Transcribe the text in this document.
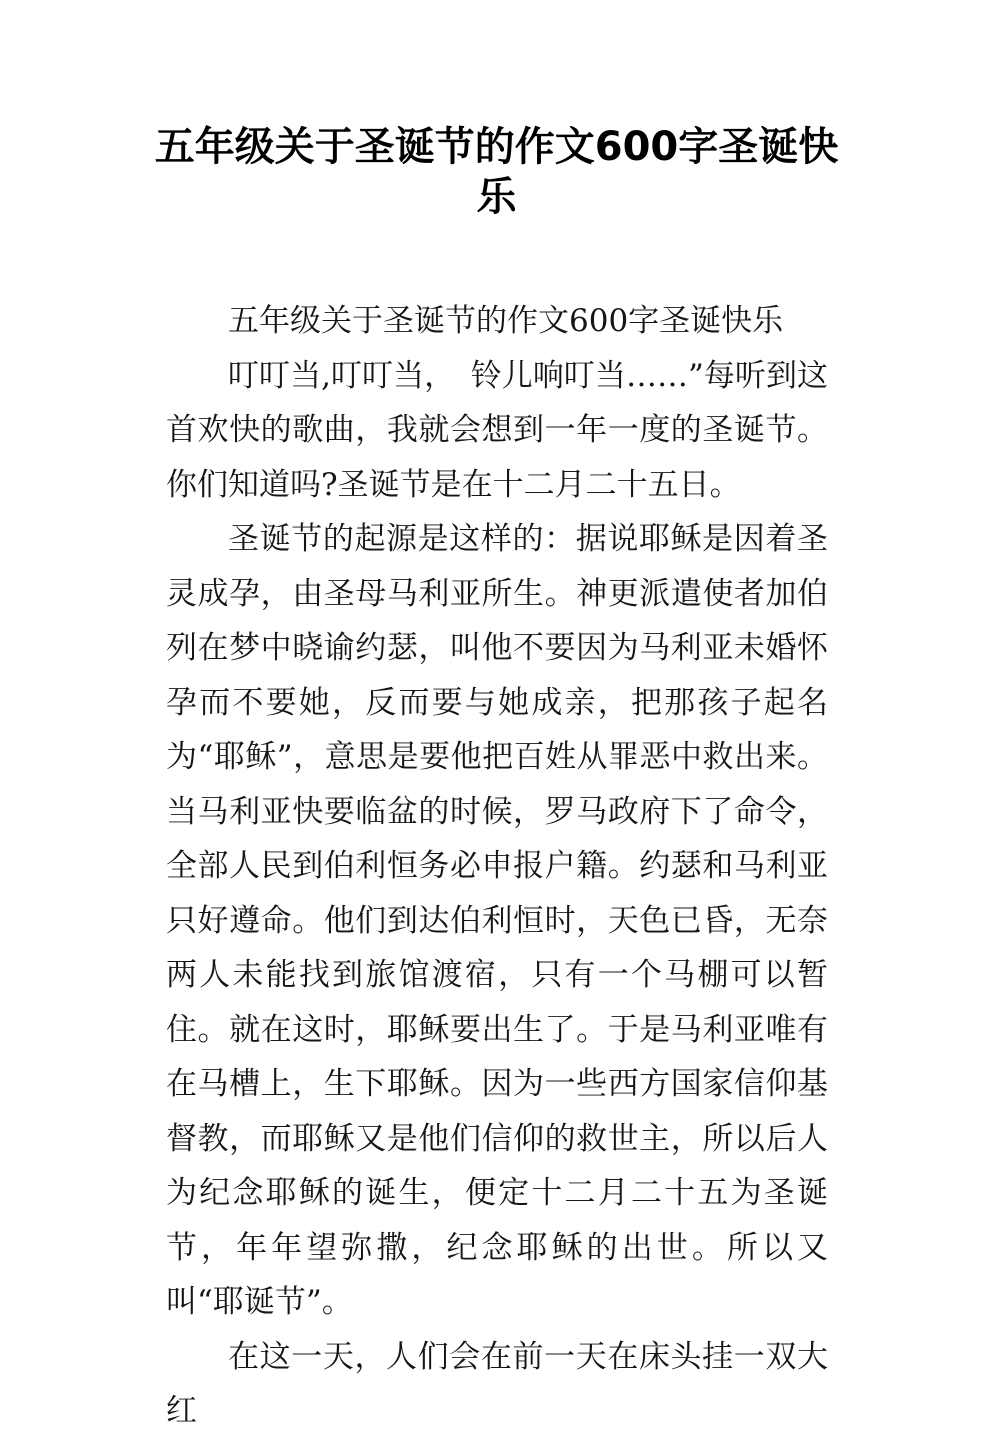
五年级关于圣诞节的作文600字圣诞快乐

五年级关于圣诞节的作文600字圣诞快乐

叮叮当,叮叮当，　铃儿响叮当……”每听到这首欢快的歌曲，我就会想到一年一度的圣诞节。你们知道吗?圣诞节是在十二月二十五日。

圣诞节的起源是这样的：据说耶稣是因着圣灵成孕，由圣母马利亚所生。神更派遣使者加伯列在梦中晓谕约瑟，叫他不要因为马利亚未婚怀孕而不要她，反而要与她成亲，把那孩子起名为“耶稣”，意思是要他把百姓从罪恶中救出来。当马利亚快要临盆的时候，罗马政府下了命令，全部人民到伯利恒务必申报户籍。约瑟和马利亚只好遵命。他们到达伯利恒时，天色已昏，无奈两人未能找到旅馆渡宿，只有一个马棚可以暂住。就在这时，耶稣要出生了。于是马利亚唯有在马槽上，生下耶稣。因为一些西方国家信仰基督教，而耶稣又是他们信仰的救世主，所以后人为纪念耶稣的诞生，便定十二月二十五为圣诞节，年年望弥撒，纪念耶稣的出世。所以又叫“耶诞节”。

在这一天，人们会在前一天在床头挂一双大红
